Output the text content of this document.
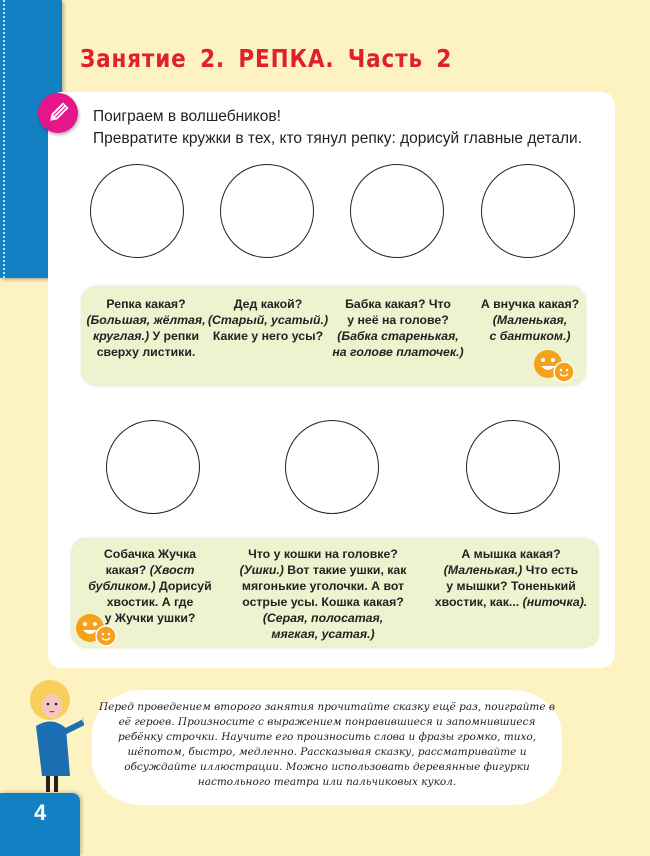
Занятие 2. РЕПКА. Часть 2
Поиграем в волшебников!
Превратите кружки в тех, кто тянул репку: дорисуй главные детали.
Репка какая?
(Большая, жёлтая,
круглая.) У репки
сверху листики.
Дед какой?
(Старый, усатый.)
Какие у него усы?
Бабка какая? Что
у неё на голове?
(Бабка старенькая,
на голове платочек.)
А внучка какая?
(Маленькая,
с бантиком.)
Собачка Жучка
какая? (Хвост
бубликом.) Дорисуй
хвостик. А где
у Жучки ушки?
Что у кошки на головке?
(Ушки.) Вот такие ушки, как
мягонькие уголочки. А вот
острые усы. Кошка какая?
(Серая, полосатая,
мягкая, усатая.)
А мышка какая?
(Маленькая.) Что есть
у мышки? Тоненький
хвостик, как... (ниточка).
Перед проведением второго занятия прочитайте сказку ещё раз, поиграйте в её героев. Произносите с выражением понравившиеся и запомнившиеся ребёнку строчки. Научите его произносить слова и фразы громко, тихо, шёпотом, быстро, медленно. Рассказывая сказку, рассматривайте и обсуждайте иллюстрации. Можно использовать деревянные фигурки настольного театра или пальчиковых кукол.
4
